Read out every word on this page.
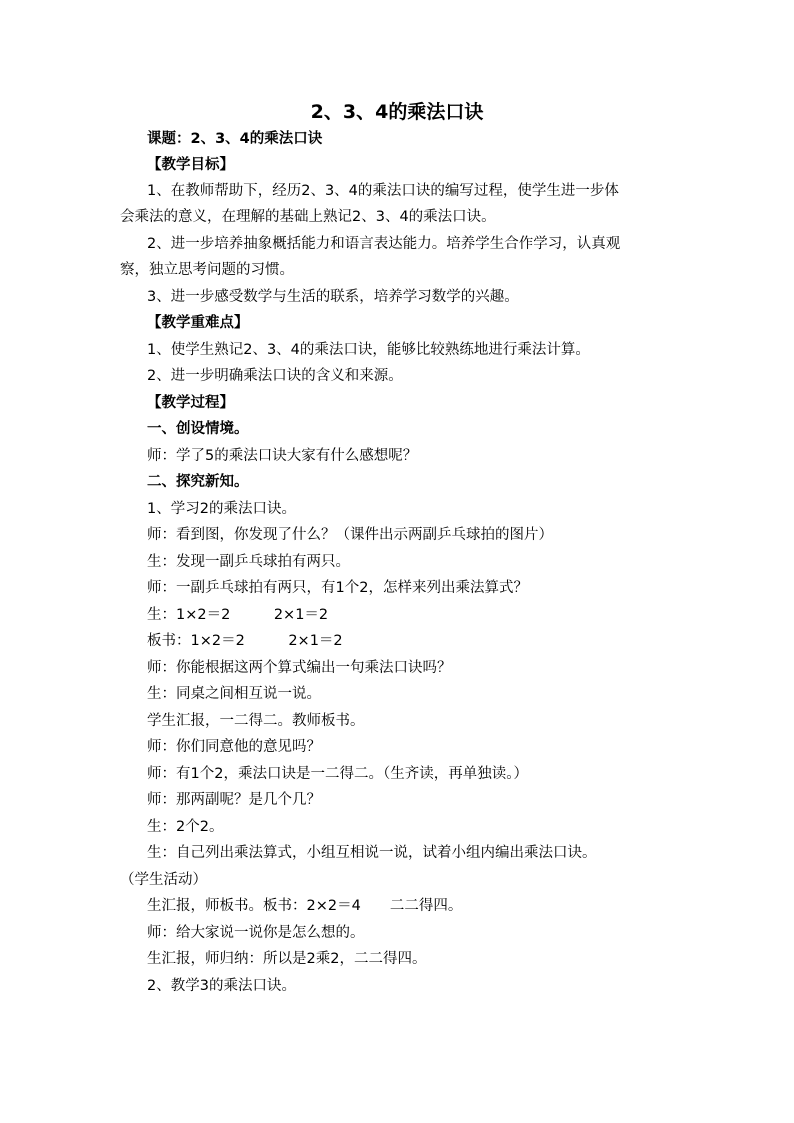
2、3、4的乘法口诀
课题：2、3、4的乘法口诀
【教学目标】
1、在教师帮助下，经历2、3、4的乘法口诀的编写过程，使学生进一步体
会乘法的意义，在理解的基础上熟记2、3、4的乘法口诀。
2、进一步培养抽象概括能力和语言表达能力。培养学生合作学习，认真观
察，独立思考问题的习惯。
3、进一步感受数学与生活的联系，培养学习数学的兴趣。
【教学重难点】
1、使学生熟记2、3、4的乘法口诀，能够比较熟练地进行乘法计算。
2、进一步明确乘法口诀的含义和来源。
【教学过程】
一、创设情境。
师：学了5的乘法口诀大家有什么感想呢？
二、探究新知。
1、学习2的乘法口诀。
师：看到图，你发现了什么？（课件出示两副乒乓球拍的图片）
生：发现一副乒乓球拍有两只。
师：一副乒乓球拍有两只，有1个2，怎样来列出乘法算式？
生：1×2＝2　　　2×1＝2
板书：1×2＝2　　　2×1＝2
师：你能根据这两个算式编出一句乘法口诀吗？
生：同桌之间相互说一说。
学生汇报，一二得二。教师板书。
师：你们同意他的意见吗？
师：有1个2，乘法口诀是一二得二。（生齐读，再单独读。）
师：那两副呢？是几个几？
生：2个2。
生：自己列出乘法算式，小组互相说一说，试着小组内编出乘法口诀。
（学生活动）
生汇报，师板书。板书：2×2＝4　　二二得四。
师：给大家说一说你是怎么想的。
生汇报，师归纳：所以是2乘2，二二得四。
2、教学3的乘法口诀。
